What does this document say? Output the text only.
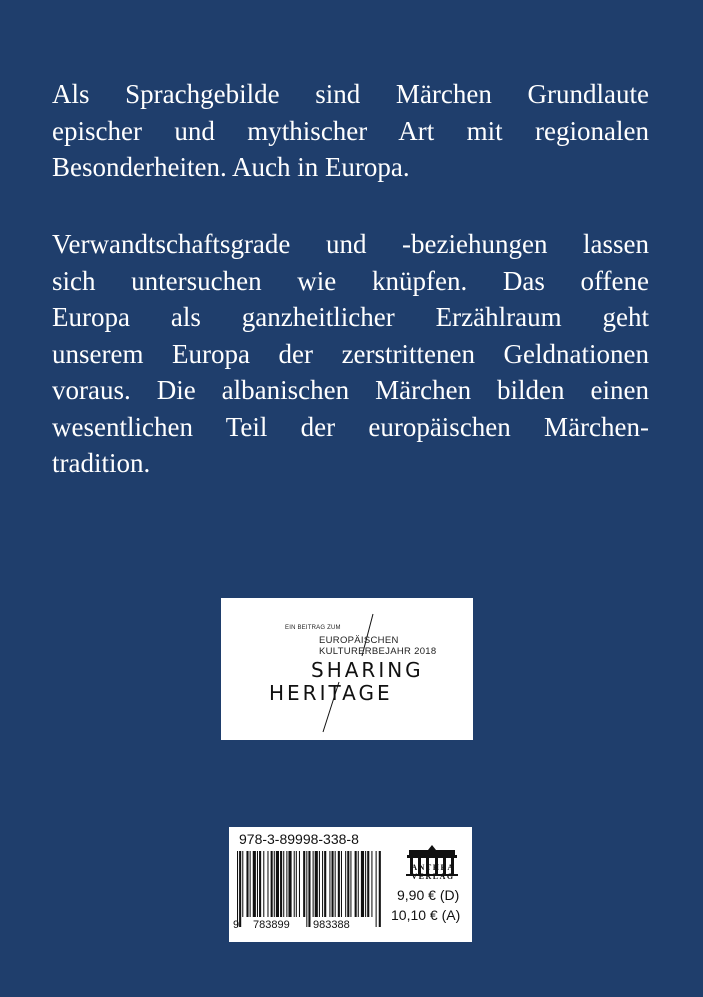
Als Sprachgebilde sind Märchen Grundlaute
epischer und mythischer Art mit regionalen
Besonderheiten. Auch in Europa.

Verwandtschaftsgrade und -beziehungen lassen
sich untersuchen wie knüpfen. Das offene
Europa als ganzheitlicher Erzählraum geht
unserem Europa der zerstrittenen Geldnationen
voraus. Die albanischen Märchen bilden einen
wesentlichen Teil der europäischen Märchen-
tradition.

EIN BEITRAG ZUM

EUROPÄISCHEN
KULTURERBEJAHR 2018

SHARING
HERITAGE

978-3-89998-338-8
9 783899 983388
ANTHEA
VERLAG
9,90 € (D)
10,10 € (A)
